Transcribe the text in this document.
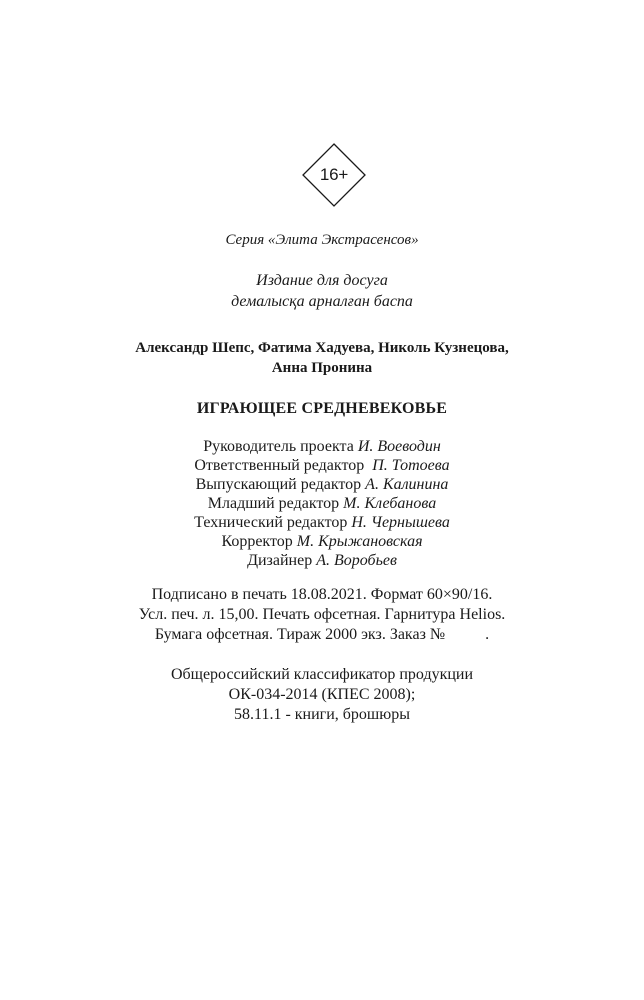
16+
Серия «Элита Экстрасенсов»
Издание для досуга
демалысқа арналған баспа
Александр Шепс, Фатима Хадуева, Николь Кузнецова,
Анна Пронина
ИГРАЮЩЕЕ СРЕДНЕВЕКОВЬЕ
Руководитель проекта И. Воеводин
Ответственный редактор П. Тотоева
Выпускающий редактор А. Калинина
Младший редактор М. Клебанова
Технический редактор Н. Чернышева
Корректор М. Крыжановская
Дизайнер А. Воробьев
Подписано в печать 18.08.2021. Формат 60×90/16.
Усл. печ. л. 15,00. Печать офсетная. Гарнитура Helios.
Бумага офсетная. Тираж 2000 экз. Заказ №          .
Общероссийский классификатор продукции
ОК-034-2014 (КПЕС 2008);
58.11.1 - книги, брошюры
